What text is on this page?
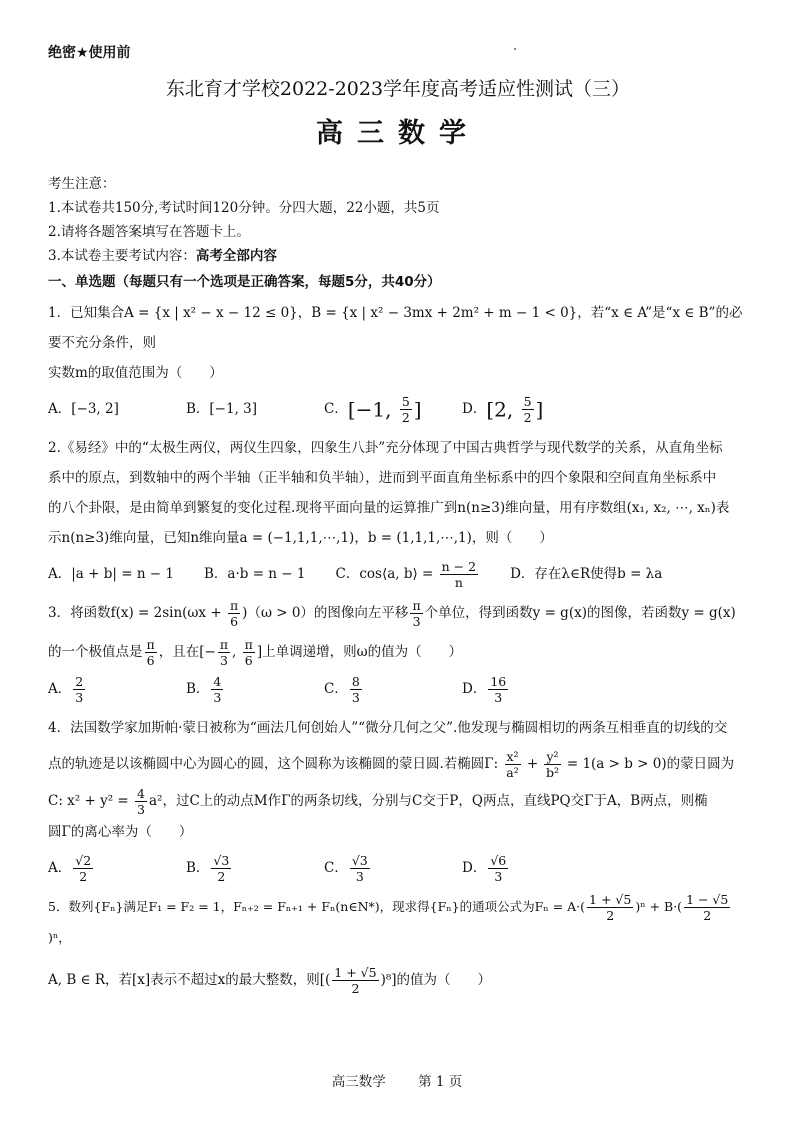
绝密★使用前
东北育才学校2022-2023学年度高考适应性测试（三）
高三数学
考生注意：
1.本试卷共150分,考试时间120分钟。分四大题，22小题，共5页
2.请将各题答案填写在答题卡上。
3.本试卷主要考试内容：高考全部内容
一、单选题（每题只有一个选项是正确答案，每题5分，共40分）
1．已知集合A = {x | x² − x − 12 ≤ 0}，B = {x | x² − 3mx + 2m² + m − 1 < 0}，若“x ∈ A”是“x ∈ B”的必要不充分条件，则
实数m的取值范围为（　　）
A．[−3, 2]	B．[−1, 3]	C．[−1, $\frac{5}{2}$ ]	D．[2, $\frac{5}{2}$ ]
2.《易经》中的“太极生两仪，两仪生四象，四象生八卦”充分体现了中国古典哲学与现代数学的关系，从直角坐标
系中的原点，到数轴中的两个半轴（正半轴和负半轴），进而到平面直角坐标系中的四个象限和空间直角坐标系中
的八个卦限，是由简单到繁复的变化过程.现将平面向量的运算推广到n(n≥3)维向量，用有序数组(x₁, x₂, ⋯, xₙ)表
示n(n≥3)维向量，已知n维向量a = (−1,1,1,⋯,1)，b = (1,1,1,⋯,1)，则（　　）
A．|a + b| = n − 1 B．a·b = n − 1 C．cos⟨a, b⟩ = $\frac{n - 2}{n}$ D．存在λ∈R使得b = λa
3．将函数$f(x) = 2\sin(\omega x + \frac{\pi}{6} )(\omega > 0)$的图像向左平移 $\frac{\pi}{3}$ 个单位，得到函数y = g(x)的图像，若函数y = g(x)
的一个极值点是 $\frac{\pi}{6}$ ，且在[− $\frac{\pi}{3}$ , $\frac{\pi}{6}$ ]上单调递增，则ω的值为（　　）
A． $\frac{2}{3}$	B． $\frac{4}{3}$	C． $\frac{8}{3}$	D． $\frac{16}{3}$
4．法国数学家加斯帕·蒙日被称为“画法几何创始人”“微分几何之父”.他发现与椭圆相切的两条互相垂直的切线的交
点的轨迹是以该椭圆中心为圆心的圆，这个圆称为该椭圆的蒙日圆.若椭圆Γ: $\frac{\text{x²}}{\text{a²}} + \frac{\text{y²}}{\text{b²}} = 1(a > b > 0)$的蒙日圆为
C: $x^2 + y^2 = \frac{4}{3} a^2$，过C上的动点M作Γ的两条切线，分别与C交于P，Q两点，直线PQ交Γ于A，B两点，则椭
圆Γ的离心率为（　　）
A． $\frac{√2}{2}$	B． $\frac{√3}{2}$	C． $\frac{√3}{3}$	D． $\frac{√6}{3}$
5．数列{Fₙ}满足F₁ = F₂ = 1，Fₙ₊₂ = Fₙ₊₁ + Fₙ(n∈N*)，现求得{Fₙ}的通项公式为$F_n = A\cdot( \frac{1 + √5}{2} )^n + B\cdot( \frac{1 - √5}{2}$
)ⁿ，
A, B ∈ R，若[x]表示不超过x的最大整数，则[( $\frac{1 + √5}{2} )^8$]的值为（　　）
高三数学 第 1 页
